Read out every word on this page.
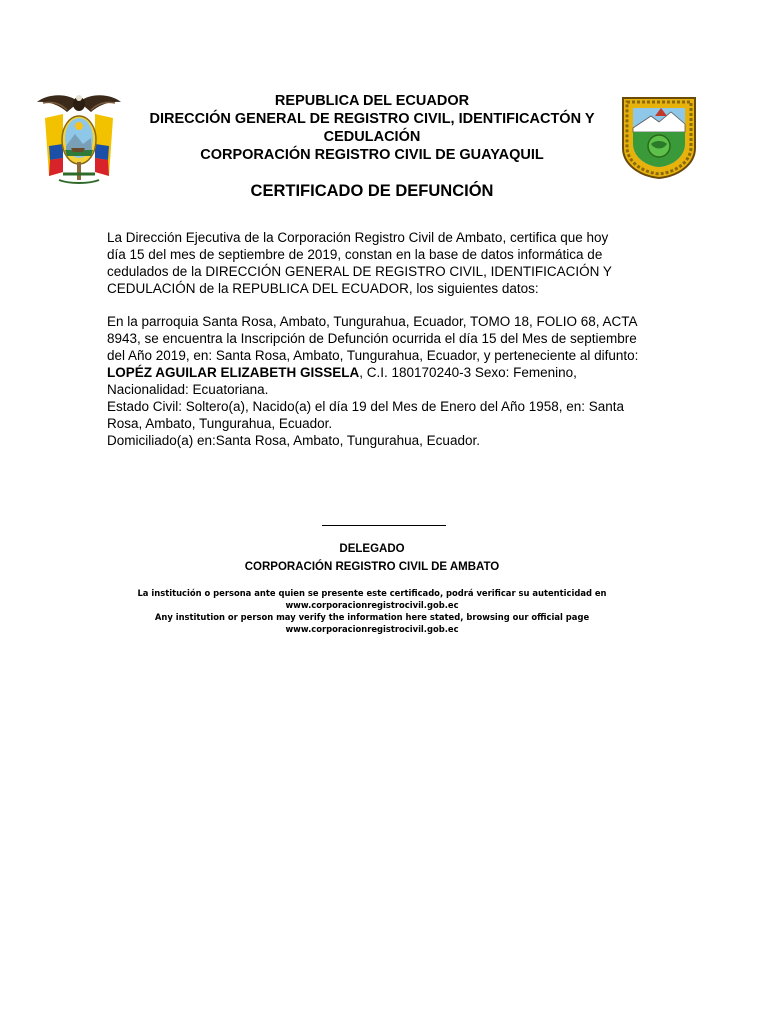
REPUBLICA DEL ECUADOR
DIRECCIÓN GENERAL DE REGISTRO CIVIL, IDENTIFICACTÓN Y
CEDULACIÓN
CORPORACIÓN REGISTRO CIVIL DE GUAYAQUIL
CERTIFICADO DE DEFUNCIÓN
La Dirección Ejecutiva de la Corporación Registro Civil de Ambato, certifica que hoy
día 15 del mes de septiembre de 2019, constan en la base de datos informática de
cedulados de la DIRECCIÓN GENERAL DE REGISTRO CIVIL, IDENTIFICACIÓN Y
CEDULACIÓN de la REPUBLICA DEL ECUADOR, los siguientes datos:
En la parroquia Santa Rosa, Ambato, Tungurahua, Ecuador, TOMO 18, FOLIO 68, ACTA
8943, se encuentra la Inscripción de Defunción ocurrida el día 15 del Mes de septiembre
del Año 2019, en: Santa Rosa, Ambato, Tungurahua, Ecuador, y perteneciente al difunto:
LOPÉZ AGUILAR ELIZABETH GISSELA, C.I. 180170240-3 Sexo: Femenino,
Nacionalidad: Ecuatoriana.
Estado Civil: Soltero(a), Nacido(a) el día 19 del Mes de Enero del Año 1958, en: Santa
Rosa, Ambato, Tungurahua, Ecuador.
Domiciliado(a) en:Santa Rosa, Ambato, Tungurahua, Ecuador.
DELEGADO
CORPORACIÓN REGISTRO CIVIL DE AMBATO
La institución o persona ante quien se presente este certificado, podrá verificar su autenticidad en
www.corporacionregistrocivil.gob.ec
Any institution or person may verify the information here stated, browsing our official page
www.corporacionregistrocivil.gob.ec
